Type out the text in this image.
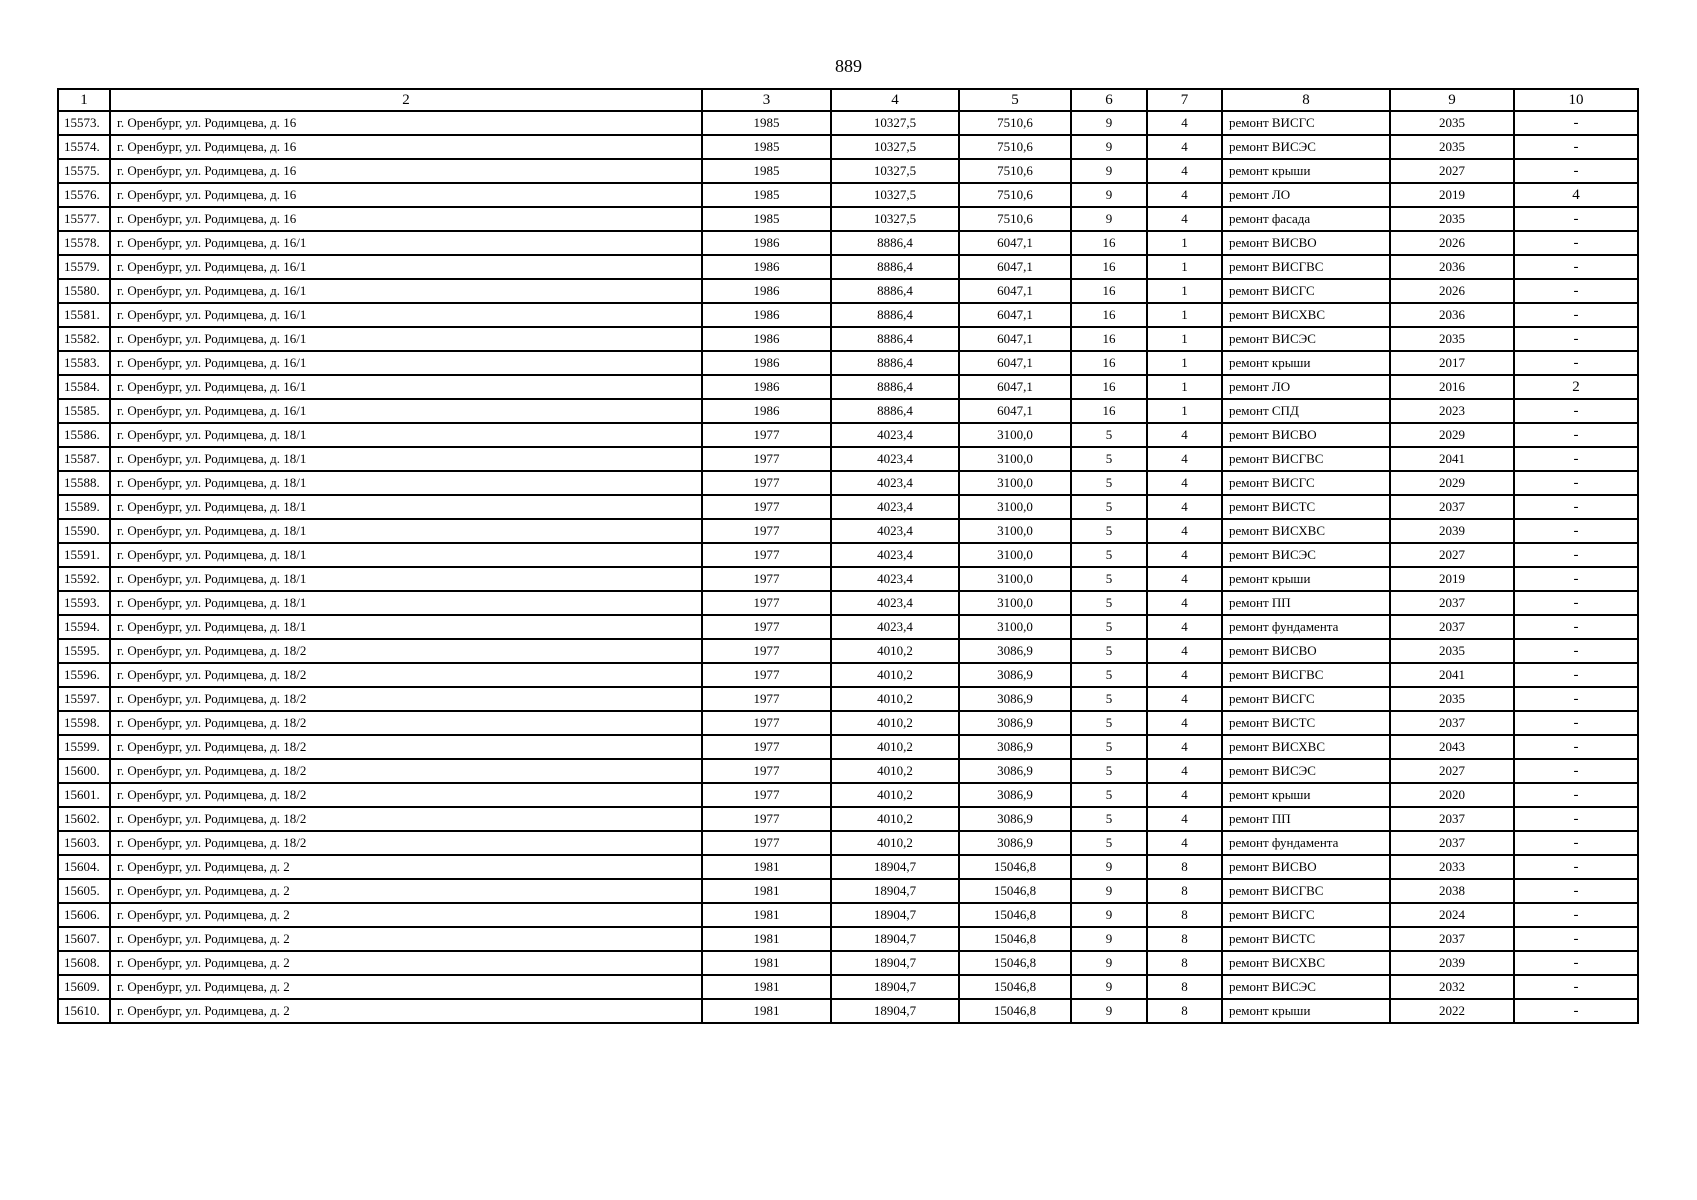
889
1	2	3	4	5	6	7	8	9	10
15573.	г. Оренбург, ул. Родимцева, д. 16	1985	10327,5	7510,6	9	4	ремонт ВИСГС	2035	-
15574.	г. Оренбург, ул. Родимцева, д. 16	1985	10327,5	7510,6	9	4	ремонт ВИСЭС	2035	-
15575.	г. Оренбург, ул. Родимцева, д. 16	1985	10327,5	7510,6	9	4	ремонт крыши	2027	-
15576.	г. Оренбург, ул. Родимцева, д. 16	1985	10327,5	7510,6	9	4	ремонт ЛО	2019	4
15577.	г. Оренбург, ул. Родимцева, д. 16	1985	10327,5	7510,6	9	4	ремонт фасада	2035	-
15578.	г. Оренбург, ул. Родимцева, д. 16/1	1986	8886,4	6047,1	16	1	ремонт ВИСВО	2026	-
15579.	г. Оренбург, ул. Родимцева, д. 16/1	1986	8886,4	6047,1	16	1	ремонт ВИСГВС	2036	-
15580.	г. Оренбург, ул. Родимцева, д. 16/1	1986	8886,4	6047,1	16	1	ремонт ВИСГС	2026	-
15581.	г. Оренбург, ул. Родимцева, д. 16/1	1986	8886,4	6047,1	16	1	ремонт ВИСХВС	2036	-
15582.	г. Оренбург, ул. Родимцева, д. 16/1	1986	8886,4	6047,1	16	1	ремонт ВИСЭС	2035	-
15583.	г. Оренбург, ул. Родимцева, д. 16/1	1986	8886,4	6047,1	16	1	ремонт крыши	2017	-
15584.	г. Оренбург, ул. Родимцева, д. 16/1	1986	8886,4	6047,1	16	1	ремонт ЛО	2016	2
15585.	г. Оренбург, ул. Родимцева, д. 16/1	1986	8886,4	6047,1	16	1	ремонт СПД	2023	-
15586.	г. Оренбург, ул. Родимцева, д. 18/1	1977	4023,4	3100,0	5	4	ремонт ВИСВО	2029	-
15587.	г. Оренбург, ул. Родимцева, д. 18/1	1977	4023,4	3100,0	5	4	ремонт ВИСГВС	2041	-
15588.	г. Оренбург, ул. Родимцева, д. 18/1	1977	4023,4	3100,0	5	4	ремонт ВИСГС	2029	-
15589.	г. Оренбург, ул. Родимцева, д. 18/1	1977	4023,4	3100,0	5	4	ремонт ВИСТС	2037	-
15590.	г. Оренбург, ул. Родимцева, д. 18/1	1977	4023,4	3100,0	5	4	ремонт ВИСХВС	2039	-
15591.	г. Оренбург, ул. Родимцева, д. 18/1	1977	4023,4	3100,0	5	4	ремонт ВИСЭС	2027	-
15592.	г. Оренбург, ул. Родимцева, д. 18/1	1977	4023,4	3100,0	5	4	ремонт крыши	2019	-
15593.	г. Оренбург, ул. Родимцева, д. 18/1	1977	4023,4	3100,0	5	4	ремонт ПП	2037	-
15594.	г. Оренбург, ул. Родимцева, д. 18/1	1977	4023,4	3100,0	5	4	ремонт фундамента	2037	-
15595.	г. Оренбург, ул. Родимцева, д. 18/2	1977	4010,2	3086,9	5	4	ремонт ВИСВО	2035	-
15596.	г. Оренбург, ул. Родимцева, д. 18/2	1977	4010,2	3086,9	5	4	ремонт ВИСГВС	2041	-
15597.	г. Оренбург, ул. Родимцева, д. 18/2	1977	4010,2	3086,9	5	4	ремонт ВИСГС	2035	-
15598.	г. Оренбург, ул. Родимцева, д. 18/2	1977	4010,2	3086,9	5	4	ремонт ВИСТС	2037	-
15599.	г. Оренбург, ул. Родимцева, д. 18/2	1977	4010,2	3086,9	5	4	ремонт ВИСХВС	2043	-
15600.	г. Оренбург, ул. Родимцева, д. 18/2	1977	4010,2	3086,9	5	4	ремонт ВИСЭС	2027	-
15601.	г. Оренбург, ул. Родимцева, д. 18/2	1977	4010,2	3086,9	5	4	ремонт крыши	2020	-
15602.	г. Оренбург, ул. Родимцева, д. 18/2	1977	4010,2	3086,9	5	4	ремонт ПП	2037	-
15603.	г. Оренбург, ул. Родимцева, д. 18/2	1977	4010,2	3086,9	5	4	ремонт фундамента	2037	-
15604.	г. Оренбург, ул. Родимцева, д. 2	1981	18904,7	15046,8	9	8	ремонт ВИСВО	2033	-
15605.	г. Оренбург, ул. Родимцева, д. 2	1981	18904,7	15046,8	9	8	ремонт ВИСГВС	2038	-
15606.	г. Оренбург, ул. Родимцева, д. 2	1981	18904,7	15046,8	9	8	ремонт ВИСГС	2024	-
15607.	г. Оренбург, ул. Родимцева, д. 2	1981	18904,7	15046,8	9	8	ремонт ВИСТС	2037	-
15608.	г. Оренбург, ул. Родимцева, д. 2	1981	18904,7	15046,8	9	8	ремонт ВИСХВС	2039	-
15609.	г. Оренбург, ул. Родимцева, д. 2	1981	18904,7	15046,8	9	8	ремонт ВИСЭС	2032	-
15610.	г. Оренбург, ул. Родимцева, д. 2	1981	18904,7	15046,8	9	8	ремонт крыши	2022	-
